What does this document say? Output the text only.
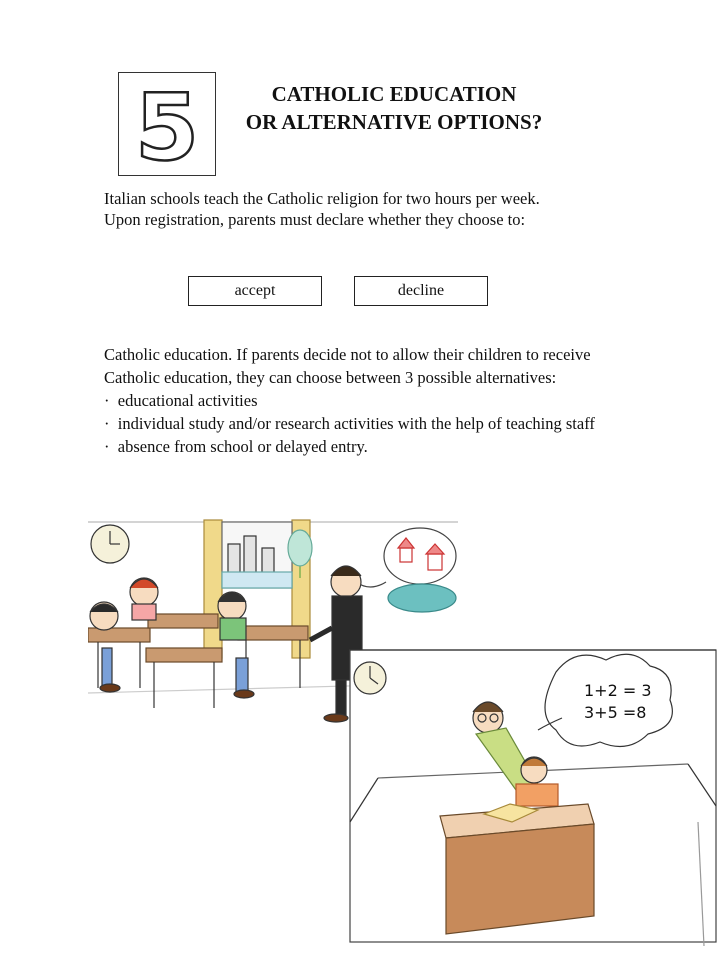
5	CATHOLIC EDUCATION
OR ALTERNATIVE OPTIONS?
Italian schools teach the Catholic religion for two hours per week.
Upon registration, parents must declare whether they choose to:
accept	decline

Catholic education. If parents decide not to allow their children to receive Catholic education, they can choose between 3 possible alternatives:

·  educational activities
·  individual study and/or research activities with the help of teaching staff
·  absence from school or delayed entry.
1+2 = 3
3+5 =8
